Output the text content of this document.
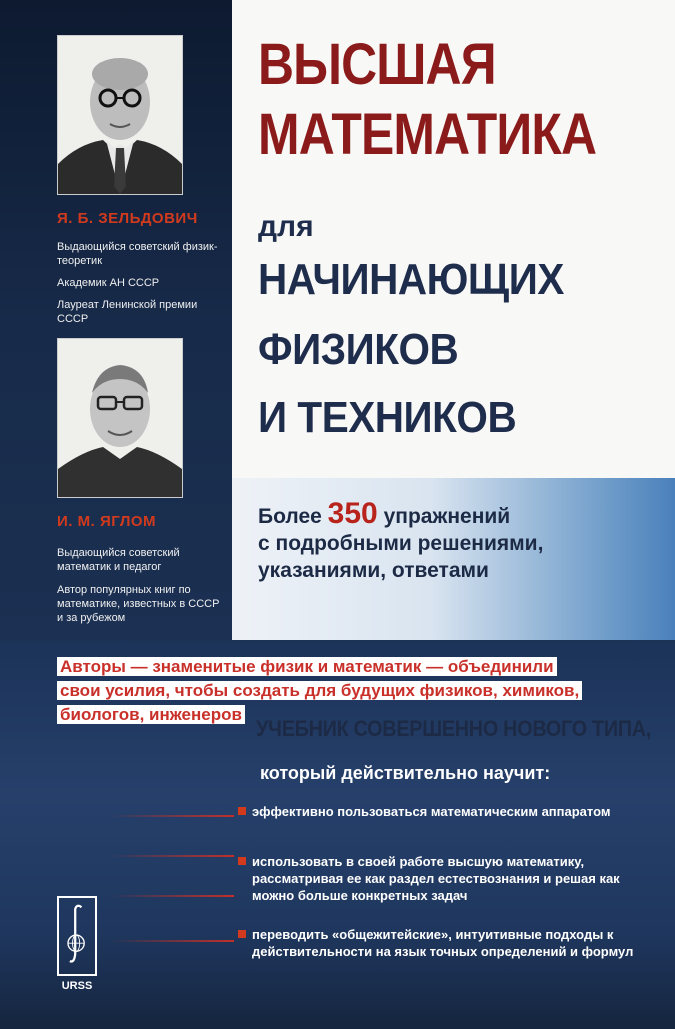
Я. Б. ЗЕЛЬДОВИЧ
Выдающийся советский физик-теоретик
Академик АН СССР
Лауреат Ленинской премии СССР
И. М. ЯГЛОМ
Выдающийся советский математик и педагог
Автор популярных книг по математике, известных в СССР и за рубежом
ВЫСШАЯ
МАТЕМАТИКА
для
НАЧИНАЮЩИХ
ФИЗИКОВ
И ТЕХНИКОВ
Более 350 упражнений
с подробными решениями,
указаниями, ответами
Авторы — знаменитые физик и математик — объединили
свои усилия, чтобы создать для будущих физиков, химиков,
биологов, инженеров
УЧЕБНИК СОВЕРШЕННО НОВОГО ТИПА,
который действительно научит:
эффективно пользоваться математическим аппаратом
использовать в своей работе высшую математику, рассматривая ее как раздел естествознания и решая как можно больше конкретных задач
переводить «общежитейские», интуитивные подходы к действительности на язык точных определений и формул
URSS
